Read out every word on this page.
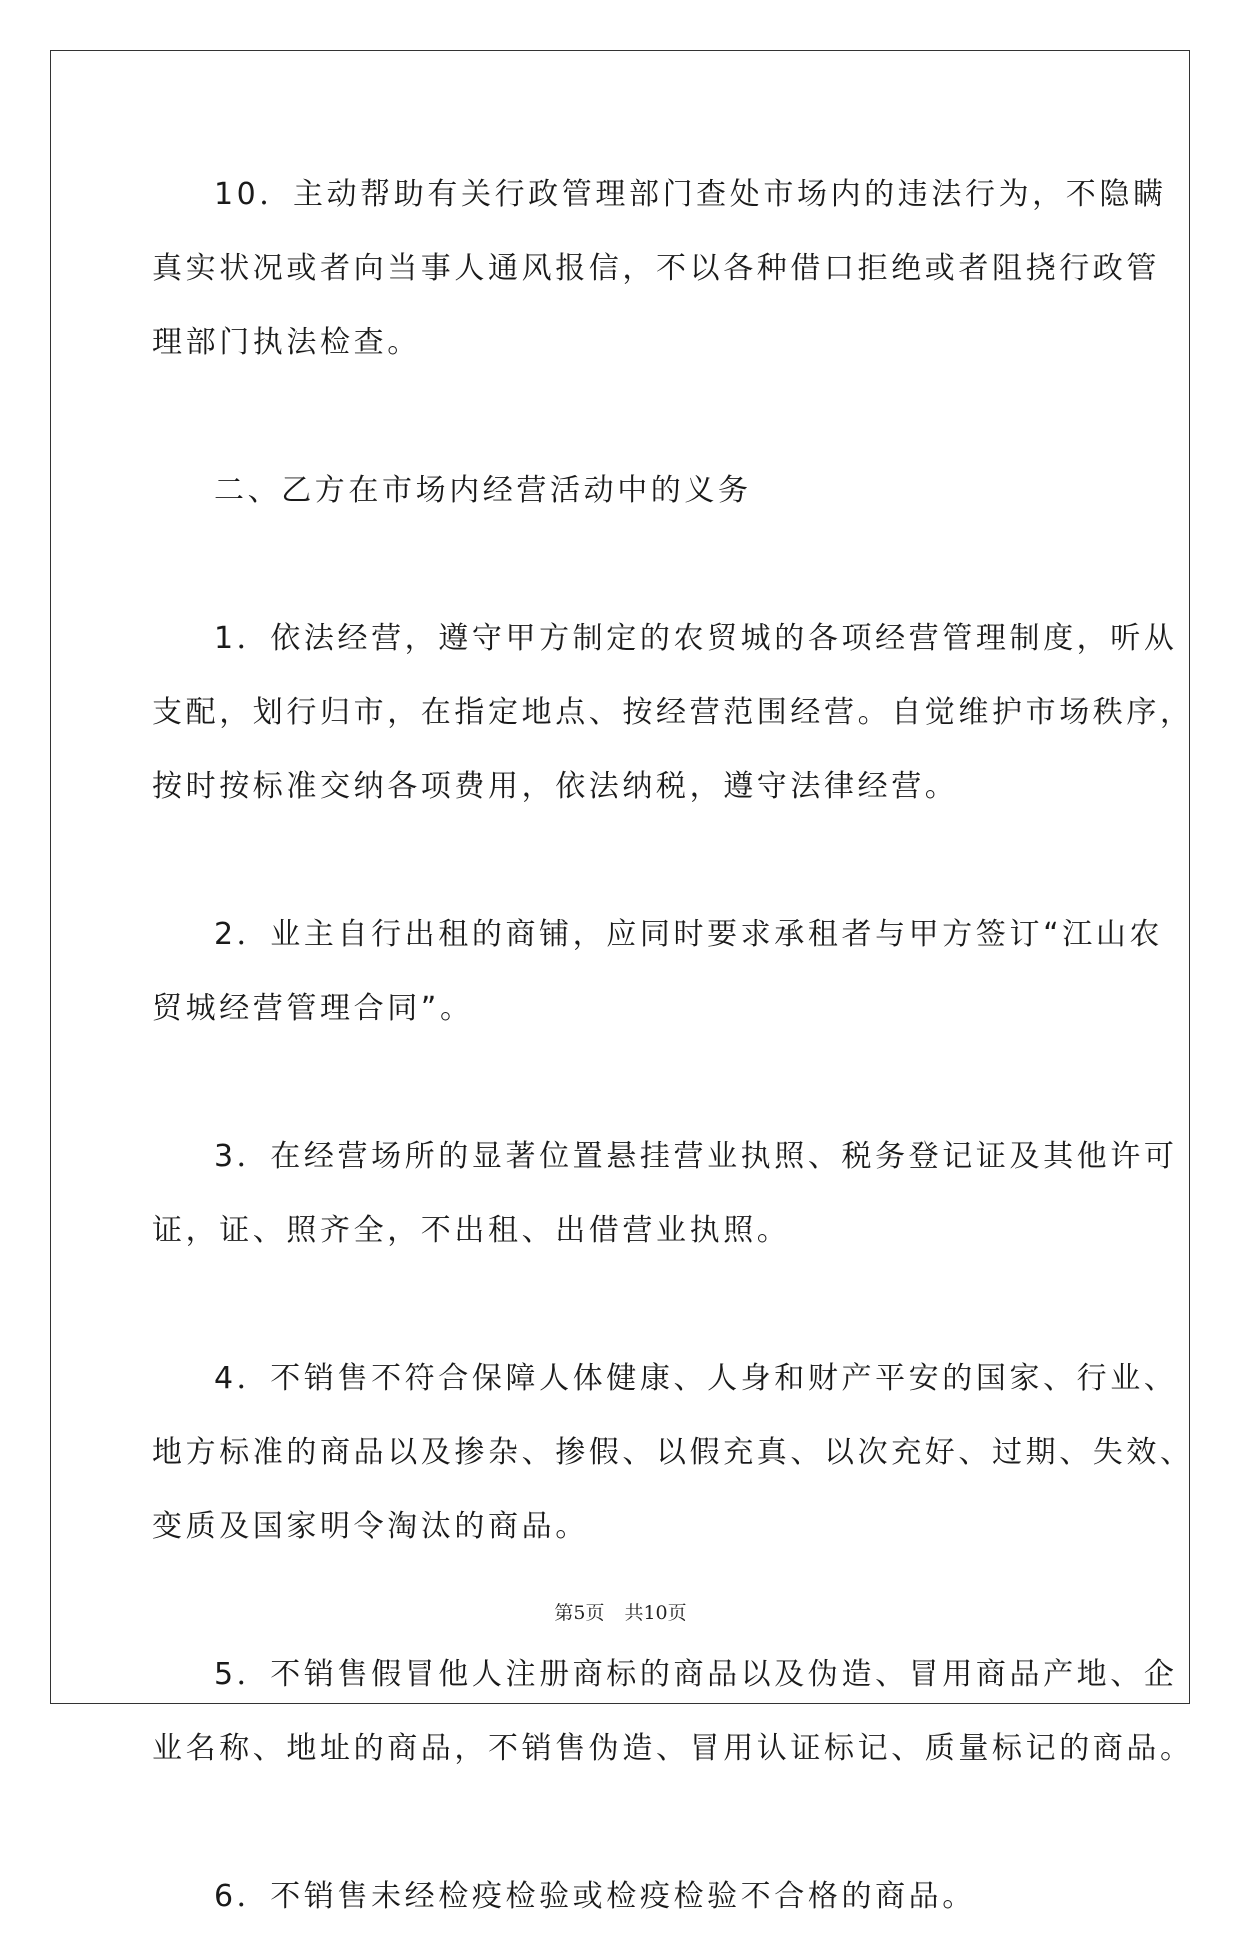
10．主动帮助有关行政管理部门查处市场内的违法行为，不隐瞒
真实状况或者向当事人通风报信，不以各种借口拒绝或者阻挠行政管
理部门执法检查。
二、乙方在市场内经营活动中的义务
1．依法经营，遵守甲方制定的农贸城的各项经营管理制度，听从
支配，划行归市，在指定地点、按经营范围经营。自觉维护市场秩序，
按时按标准交纳各项费用，依法纳税，遵守法律经营。
2．业主自行出租的商铺，应同时要求承租者与甲方签订“江山农
贸城经营管理合同”。
3．在经营场所的显著位置悬挂营业执照、税务登记证及其他许可
证，证、照齐全，不出租、出借营业执照。
4．不销售不符合保障人体健康、人身和财产平安的国家、行业、
地方标准的商品以及掺杂、掺假、以假充真、以次充好、过期、失效、
变质及国家明令淘汰的商品。
5．不销售假冒他人注册商标的商品以及伪造、冒用商品产地、企
业名称、地址的商品，不销售伪造、冒用认证标记、质量标记的商品。
6．不销售未经检疫检验或检疫检验不合格的商品。
第5页 共10页
